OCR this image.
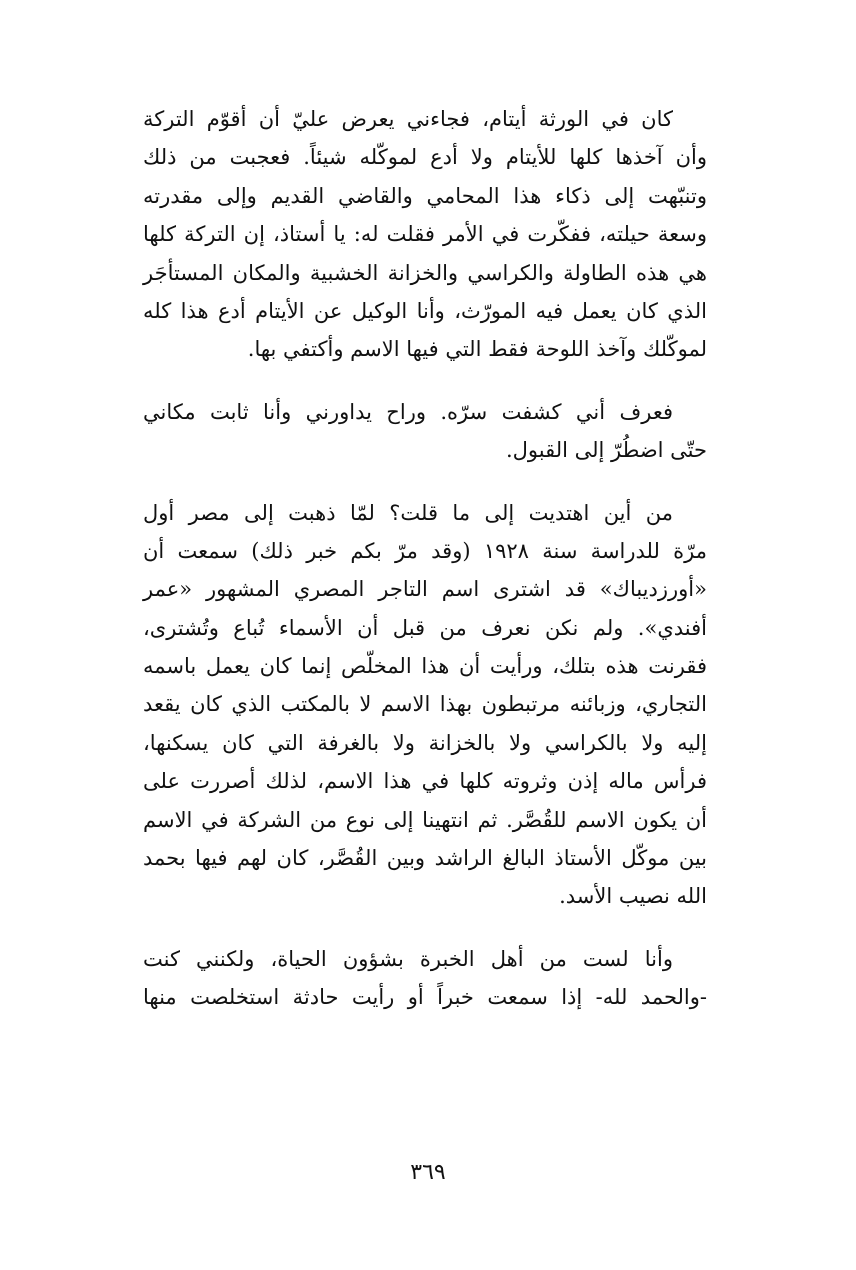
كان في الورثة أيتام، فجاءني يعرض عليّ أن أقوّم التركة
وأن آخذها كلها للأيتام ولا أدع لموكّله شيئاً. فعجبت من ذلك
وتنبّهت إلى ذكاء هذا المحامي والقاضي القديم وإلى مقدرته
وسعة حيلته، ففكّرت في الأمر فقلت له: يا أستاذ، إن التركة كلها
هي هذه الطاولة والكراسي والخزانة الخشبية والمكان المستأجَر
الذي كان يعمل فيه المورّث، وأنا الوكيل عن الأيتام أدع هذا كله
لموكّلك وآخذ اللوحة فقط التي فيها الاسم وأكتفي بها.
فعرف أني كشفت سرّه. وراح يداورني وأنا ثابت مكاني
حتّى اضطُرّ إلى القبول.
من أين اهتديت إلى ما قلت؟ لمّا ذهبت إلى مصر أول
مرّة للدراسة سنة ١٩٢٨ (وقد مرّ بكم خبر ذلك) سمعت أن
«أورزديباك» قد اشترى اسم التاجر المصري المشهور «عمر
أفندي». ولم نكن نعرف من قبل أن الأسماء تُباع وتُشترى،
فقرنت هذه بتلك، ورأيت أن هذا المخلّص إنما كان يعمل باسمه
التجاري، وزبائنه مرتبطون بهذا الاسم لا بالمكتب الذي كان يقعد
إليه ولا بالكراسي ولا بالخزانة ولا بالغرفة التي كان يسكنها،
فرأس ماله إذن وثروته كلها في هذا الاسم، لذلك أصررت على
أن يكون الاسم للقُصَّر. ثم انتهينا إلى نوع من الشركة في الاسم
بين موكّل الأستاذ البالغ الراشد وبين القُصَّر، كان لهم فيها بحمد
الله نصيب الأسد.
وأنا لست من أهل الخبرة بشؤون الحياة، ولكنني كنت
-والحمد لله- إذا سمعت خبراً أو رأيت حادثة استخلصت منها
٣٦٩
